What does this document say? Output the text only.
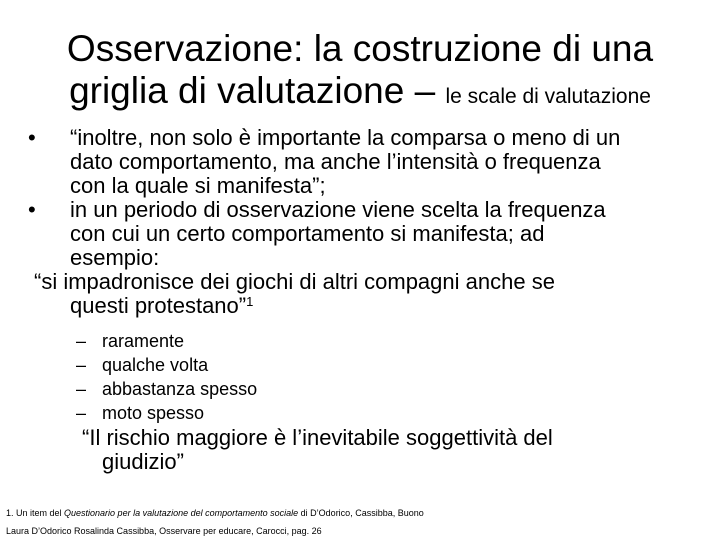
Osservazione: la costruzione di una
griglia di valutazione – le scale di valutazione
•	“inoltre, non solo è importante la comparsa o meno di un
dato comportamento, ma anche l’intensità o frequenza
con la quale si manifesta”;
•	in un periodo di osservazione viene scelta la frequenza
con cui un certo comportamento si manifesta; ad
esempio:
“si impadronisce dei giochi di altri compagni anche se
questi protestano”$^1$
– raramente
– qualche volta
– abbastanza spesso
– moto spesso
“Il rischio maggiore è l’inevitabile soggettività del
giudizio”
1. Un item del Questionario per la valutazione del comportamento sociale di D’Odorico, Cassibba, Buono
Laura D’Odorico Rosalinda Cassibba, Osservare per educare, Carocci, pag. 26
